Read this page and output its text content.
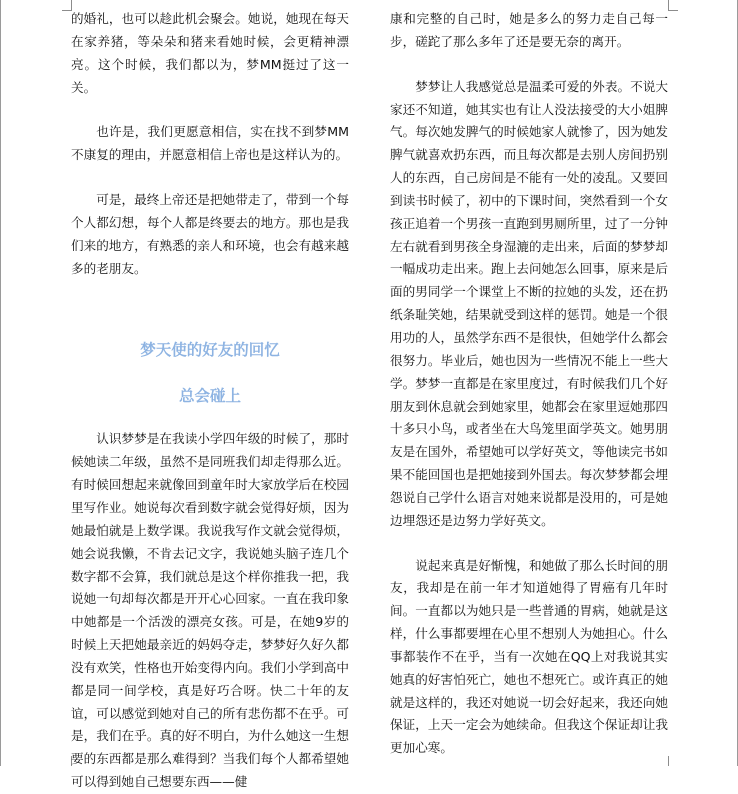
的婚礼，也可以趁此机会聚会。她说，她现在每天在家养猪，等朵朵和猪来看她时候，会更精神漂亮。这个时候，我们都以为，梦MM挺过了这一关。

也许是，我们更愿意相信，实在找不到梦MM不康复的理由，并愿意相信上帝也是这样认为的。

可是，最终上帝还是把她带走了，带到一个每个人都幻想，每个人都是终要去的地方。那也是我们来的地方，有熟悉的亲人和环境，也会有越来越多的老朋友。

梦天使的好友的回忆

总会碰上

认识梦梦是在我读小学四年级的时候了，那时候她读二年级，虽然不是同班我们却走得那么近。有时候回想起来就像回到童年时大家放学后在校园里写作业。她说每次看到数字就会觉得好烦，因为她最怕就是上数学课。我说我写作文就会觉得烦，她会说我懒，不肯去记文字，我说她头脑子连几个数字都不会算，我们就总是这个样你推我一把，我说她一句却每次都是开开心心回家。一直在我印象中她都是一个活泼的漂亮女孩。可是，在她9岁的时候上天把她最亲近的妈妈夺走，梦梦好久好久都没有欢笑，性格也开始变得内向。我们小学到高中都是同一间学校，真是好巧合呀。快二十年的友谊，可以感觉到她对自己的所有悲伤都不在乎。可是，我们在乎。真的好不明白，为什么她这一生想要的东西都是那么难得到？当我们每个人都希望她可以得到她自己想要东西——健

康和完整的自己时，她是多么的努力走自己每一步，磋跎了那么多年了还是要无奈的离开。

梦梦让人我感觉总是温柔可爱的外表。不说大家还不知道，她其实也有让人没法接受的大小姐脾气。每次她发脾气的时候她家人就惨了，因为她发脾气就喜欢扔东西，而且每次都是去别人房间扔别人的东西，自己房间是不能有一处的凌乱。又要回到读书时候了，初中的下课时间，突然看到一个女孩正追着一个男孩一直跑到男厕所里，过了一分钟左右就看到男孩全身湿漉的走出来，后面的梦梦却一幅成功走出来。跑上去问她怎么回事，原来是后面的男同学一个课堂上不断的拉她的头发，还在扔纸条耻笑她，结果就受到这样的惩罚。她是一个很用功的人，虽然学东西不是很快，但她学什么都会很努力。毕业后，她也因为一些情况不能上一些大学。梦梦一直都是在家里度过，有时候我们几个好朋友到休息就会到她家里，她都会在家里逗她那四十多只小鸟，或者坐在大鸟笼里面学英文。她男朋友是在国外，希望她可以学好英文，等他读完书如果不能回国也是把她接到外国去。每次梦梦都会埋怨说自己学什么语言对她来说都是没用的，可是她边埋怨还是边努力学好英文。

说起来真是好惭愧，和她做了那么长时间的朋友，我却是在前一年才知道她得了胃癌有几年时间。一直都以为她只是一些普通的胃病，她就是这样，什么事都要埋在心里不想别人为她担心。什么事都装作不在乎，当有一次她在QQ上对我说其实她真的好害怕死亡，她也不想死亡。或许真正的她就是这样的，我还对她说一切会好起来，我还向她保证，上天一定会为她续命。但我这个保证却让我更加心寒。
